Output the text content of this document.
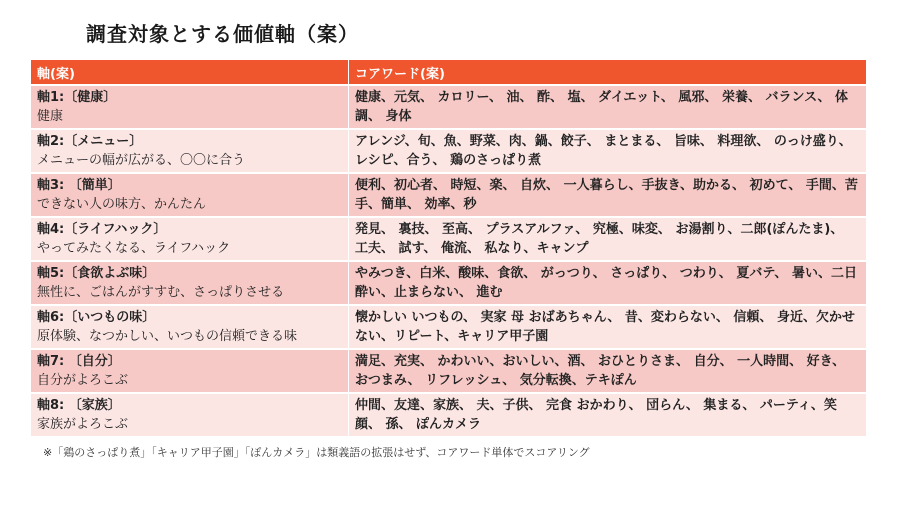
調査対象とする価値軸（案）
軸(案)	コアワード(案)

軸1:〔健康〕
健康	健康、元気、 カロリー、 油、 酢、 塩、 ダイエット、 風邪、 栄養、 バランス、 体調、 身体

軸2:〔メニュー〕
メニューの幅が広がる、〇〇に合う	アレンジ、旬、魚、野菜、肉、鍋、餃子、 まとまる、 旨味、 料理欲、 のっけ盛り、レシピ、合う、 鶏のさっぱり煮

軸3: 〔簡単〕
できない人の味方、かんたん	便利、初心者、 時短、楽、 自炊、 一人暮らし、手抜き、助かる、 初めて、 手間、苦手、簡単、 効率、秒

軸4:〔ライフハック〕
やってみたくなる、ライフハック	発見、 裏技、 至高、 プラスアルファ、 究極、味変、 お湯割り、二郎(ぽんたま)、 工夫、 試す、 俺流、 私なり、キャンプ

軸5:〔食欲よぶ味〕
無性に、ごはんがすすむ、さっぱりさせる	やみつき、白米、酸味、食欲、 がっつり、 さっぱり、 つわり、 夏バテ、 暑い、二日酔い、止まらない、 進む

軸6:〔いつもの味〕
原体験、なつかしい、いつもの信頼できる味	懐かしい いつもの、 実家 母 おばあちゃん、 昔、変わらない、 信頼、 身近、欠かせない、リピート、キャリア甲子園

軸7: 〔自分〕
自分がよろこぶ	満足、充実、 かわいい、おいしい、酒、 おひとりさま、 自分、 一人時間、 好き、 おつまみ、 リフレッシュ、 気分転換、テキぽん

軸8: 〔家族〕
家族がよろこぶ	仲間、友達、家族、 夫、子供、 完食 おかわり、 団らん、 集まる、 パーティ、笑顔、 孫、 ぽんカメラ
※「鶏のさっぱり煮」「キャリア甲子園」「ぽんカメラ」は類義語の拡張はせず、コアワード単体でスコアリング
